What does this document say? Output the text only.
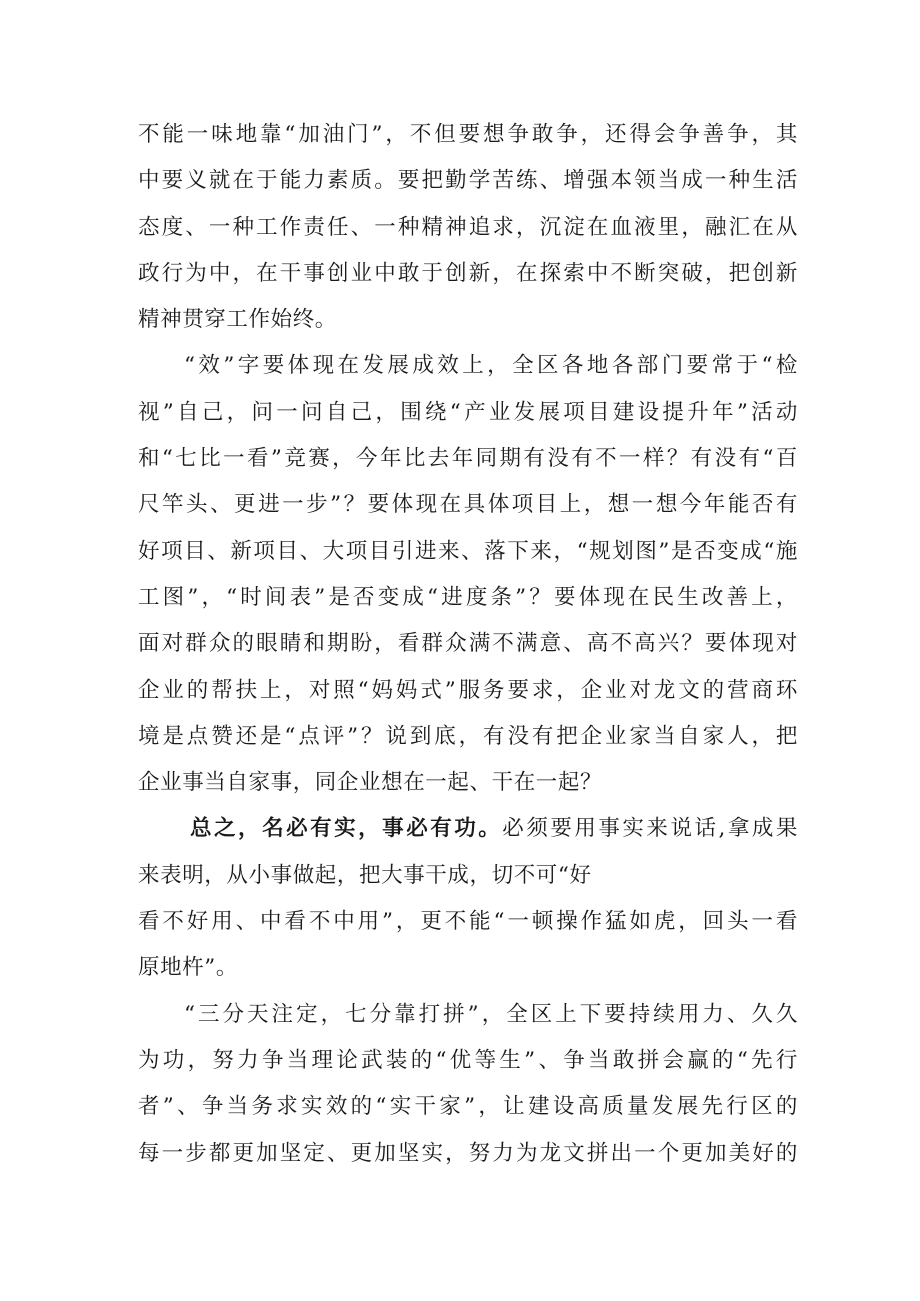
不能一味地靠“加油门”，不但要想争敢争，还得会争善争，其
中要义就在于能力素质。要把勤学苦练、增强本领当成一种生活
态度、一种工作责任、一种精神追求，沉淀在血液里，融汇在从
政行为中，在干事创业中敢于创新，在探索中不断突破，把创新
精神贯穿工作始终。
“效”字要体现在发展成效上，全区各地各部门要常于“检
视”自己，问一问自己，围绕“产业发展项目建设提升年”活动
和“七比一看”竞赛，今年比去年同期有没有不一样？有没有“百
尺竿头、更进一步”？要体现在具体项目上，想一想今年能否有
好项目、新项目、大项目引进来、落下来，“规划图”是否变成“施
工图”，“时间表”是否变成“进度条”？要体现在民生改善上，
面对群众的眼睛和期盼，看群众满不满意、高不高兴？要体现对
企业的帮扶上，对照“妈妈式”服务要求，企业对龙文的营商环
境是点赞还是“点评”？说到底，有没有把企业家当自家人，把
企业事当自家事，同企业想在一起、干在一起？
总之，名必有实，事必有功。必须要用事实来说话,拿成果
来表明，从小事做起，把大事干成，切不可“好
看不好用、中看不中用”，更不能“一顿操作猛如虎，回头一看
原地杵”。
“三分天注定，七分靠打拼”，全区上下要持续用力、久久
为功，努力争当理论武装的“优等生”、争当敢拼会赢的“先行
者”、争当务求实效的“实干家”，让建设高质量发展先行区的
每一步都更加坚定、更加坚实，努力为龙文拼出一个更加美好的
